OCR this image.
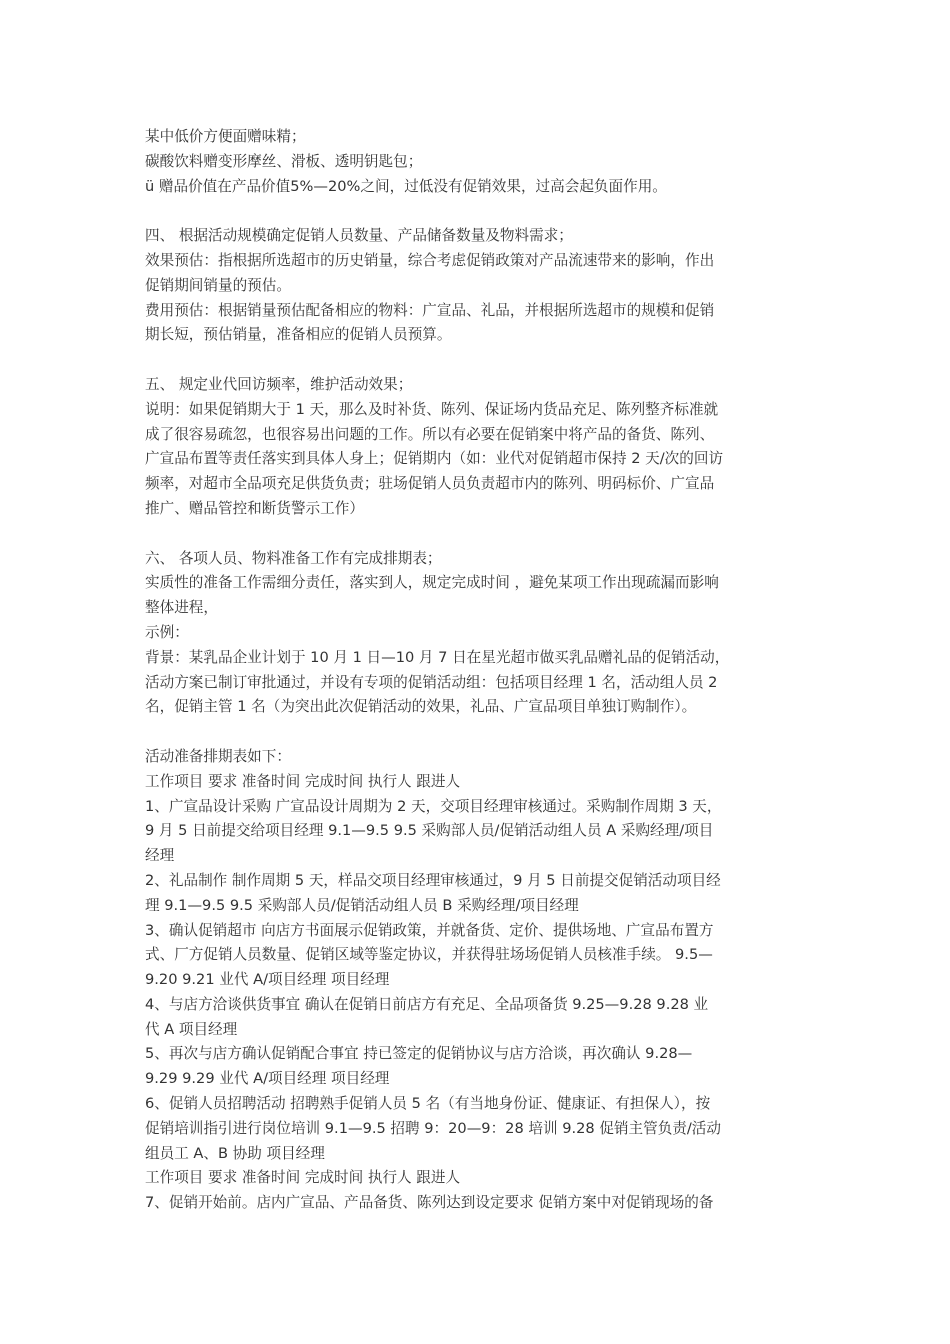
某中低价方便面赠味精；
碳酸饮料赠变形摩丝、滑板、透明钥匙包；
ü 赠品价值在产品价值5%—20%之间，过低没有促销效果，过高会起负面作用。
四、 根据活动规模确定促销人员数量、产品储备数量及物料需求；
效果预估：指根据所选超市的历史销量，综合考虑促销政策对产品流速带来的影响，作出
促销期间销量的预估。
费用预估：根据销量预估配备相应的物料：广宣品、礼品，并根据所选超市的规模和促销
期长短，预估销量，准备相应的促销人员预算。
五、 规定业代回访频率，维护活动效果；
说明：如果促销期大于 1 天，那么及时补货、陈列、保证场内货品充足、陈列整齐标准就
成了很容易疏忽，也很容易出问题的工作。所以有必要在促销案中将产品的备货、陈列、
广宣品布置等责任落实到具体人身上；促销期内（如：业代对促销超市保持 2 天/次的回访
频率，对超市全品项充足供货负责；驻场促销人员负责超市内的陈列、明码标价、广宣品
推广、赠品管控和断货警示工作）
六、 各项人员、物料准备工作有完成排期表；
实质性的准备工作需细分责任，落实到人，规定完成时间 ，避免某项工作出现疏漏而影响
整体进程，
示例：
背景：某乳品企业计划于 10 月 1 日—10 月 7 日在星光超市做买乳品赠礼品的促销活动，
活动方案已制订审批通过，并设有专项的促销活动组：包括项目经理 1 名，活动组人员 2
名，促销主管 1 名（为突出此次促销活动的效果，礼品、广宣品项目单独订购制作）。
活动准备排期表如下：
工作项目 要求 准备时间 完成时间 执行人 跟进人
1、广宣品设计采购 广宣品设计周期为 2 天，交项目经理审核通过。采购制作周期 3 天，
9 月 5 日前提交给项目经理 9.1—9.5 9.5 采购部人员/促销活动组人员 A 采购经理/项目
经理
2、礼品制作 制作周期 5 天，样品交项目经理审核通过，9 月 5 日前提交促销活动项目经
理 9.1—9.5 9.5 采购部人员/促销活动组人员 B 采购经理/项目经理
3、确认促销超市 向店方书面展示促销政策，并就备货、定价、提供场地、广宣品布置方
式、厂方促销人员数量、促销区域等鉴定协议，并获得驻场场促销人员核准手续。 9.5—
9.20 9.21 业代 A/项目经理 项目经理
4、与店方洽谈供货事宜 确认在促销日前店方有充足、全品项备货 9.25—9.28 9.28 业
代 A 项目经理
5、再次与店方确认促销配合事宜 持已签定的促销协议与店方洽谈，再次确认 9.28—
9.29 9.29 业代 A/项目经理 项目经理
6、促销人员招聘活动 招聘熟手促销人员 5 名（有当地身份证、健康证、有担保人），按
促销培训指引进行岗位培训 9.1—9.5 招聘 9：20—9：28 培训 9.28 促销主管负责/活动
组员工 A、B 协助 项目经理
工作项目 要求 准备时间 完成时间 执行人 跟进人
7、促销开始前。店内广宣品、产品备货、陈列达到设定要求 促销方案中对促销现场的备
